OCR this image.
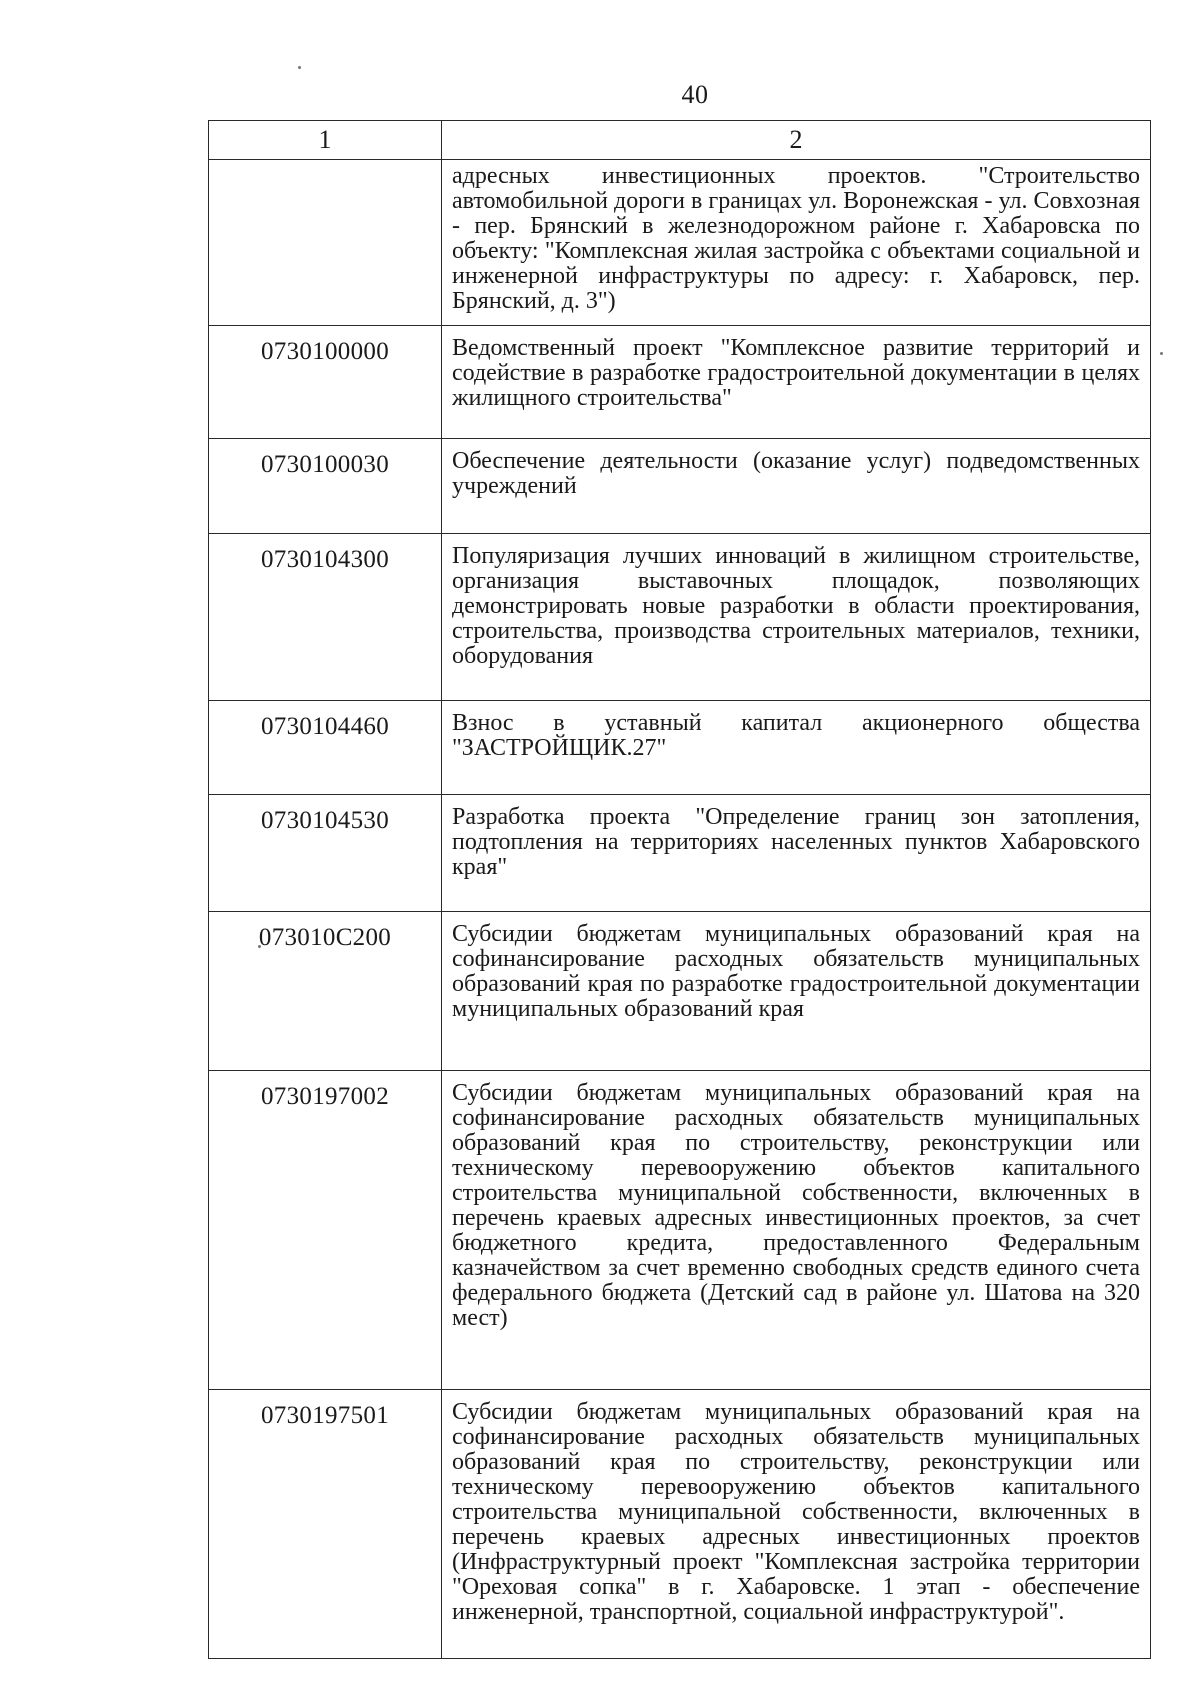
40
1	2
	адресных инвестиционных проектов. "Строительство автомобильной дороги в границах ул. Воронежская - ул. Совхозная - пер. Брянский в железнодорожном районе г. Хабаровска по объекту: "Комплексная жилая застройка с объектами социальной и инженерной инфраструктуры по адресу: г. Хабаровск, пер. Брянский, д. 3")
0730100000	Ведомственный проект "Комплексное развитие территорий и содействие в разработке градостроительной документации в целях жилищного строительства"
0730100030	Обеспечение деятельности (оказание услуг) подведомственных учреждений
0730104300	Популяризация лучших инноваций в жилищном строительстве, организация выставочных площадок, позволяющих демонстрировать новые разработки в области проектирования, строительства, производства строительных материалов, техники, оборудования
0730104460	Взнос в уставный капитал акционерного общества "ЗАСТРОЙЩИК.27"
0730104530	Разработка проекта "Определение границ зон затопления, подтопления на территориях населенных пунктов Хабаровского края"
073010C200	Субсидии бюджетам муниципальных образований края на софинансирование расходных обязательств муниципальных образований края по разработке градостроительной документации муниципальных образований края
0730197002	Субсидии бюджетам муниципальных образований края на софинансирование расходных обязательств муниципальных образований края по строительству, реконструкции или техническому перевооружению объектов капитального строительства муниципальной собственности, включенных в перечень краевых адресных инвестиционных проектов, за счет бюджетного кредита, предоставленного Федеральным казначейством за счет временно свободных средств единого счета федерального бюджета (Детский сад в районе ул. Шатова на 320 мест)
0730197501	Субсидии бюджетам муниципальных образований края на софинансирование расходных обязательств муниципальных образований края по строительству, реконструкции или техническому перевооружению объектов капитального строительства муниципальной собственности, включенных в перечень краевых адресных инвестиционных проектов (Инфраструктурный проект "Комплексная застройка территории "Ореховая сопка" в г. Хабаровске. 1 этап - обеспечение инженерной, транспортной, социальной инфраструктурой".
